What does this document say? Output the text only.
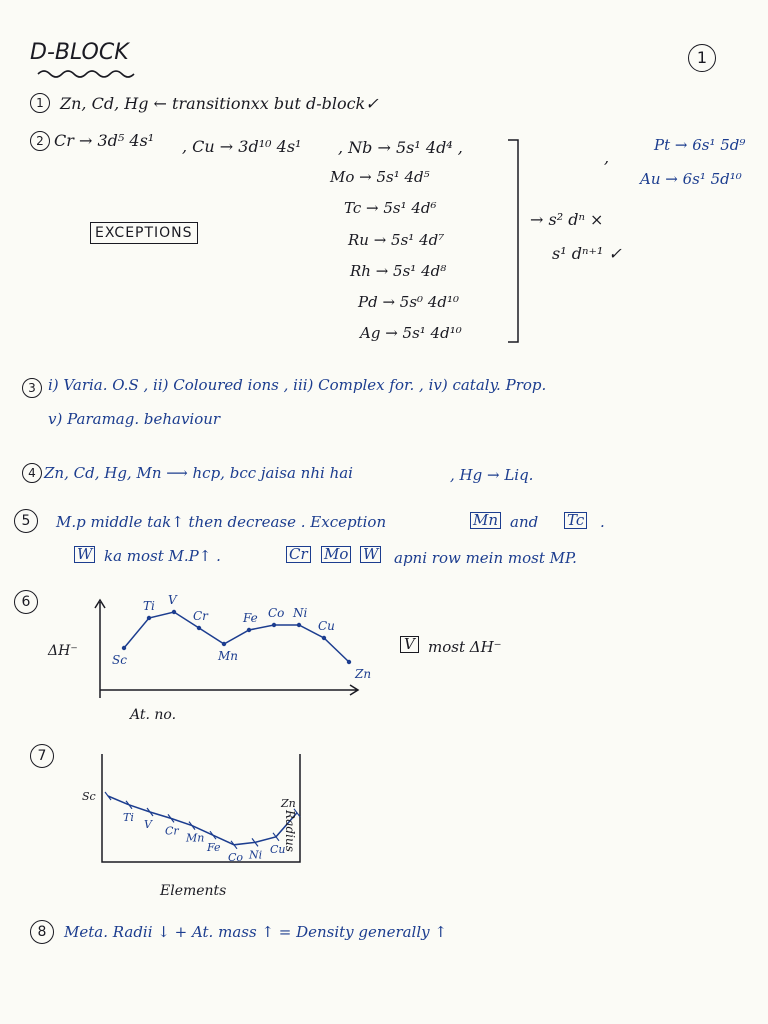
D-BLOCK	1
1	Zn, Cd, Hg ← transitionxx but d-block✓
2 Cr → 3d⁵ 4s¹ , Cu → 3d¹⁰ 4s¹ , Nb → 5s¹ 4d⁴ ,
Mo → 5s¹ 4d⁵
Tc → 5s¹ 4d⁶
Ru → 5s¹ 4d⁷
Rh → 5s¹ 4d⁸
Pd → 5s⁰ 4d¹⁰
Ag → 5s¹ 4d¹⁰
,
Pt → 6s¹ 5d⁹
Au → 6s¹ 5d¹⁰
→ s² dⁿ ×
s¹ dⁿ⁺¹ ✓
EXCEPTIONS
3 i) Varia. O.S , ii) Coloured ions , iii) Complex for. , iv) cataly. Prop.
v) Paramag. behaviour
4 Zn, Cd, Hg, Mn ⟶ hcp, bcc jaisa nhi hai	, Hg → Liq.
5	M.p middle tak↑ then decrease . Exception	Mn and Tc .
W ka most M.P↑ .	Cr Mo W apni row mein most MP.
6
ΔH⁻
At. no.
Sc
Ti V
Cr
Mn
Fe Co Ni
Cu
Zn
V most ΔH⁻
7
Sc
Ti
V Cr
Mn
Fe
Co Ni Cu
Zn
Radius
Elements
8	Meta. Radii ↓ + At. mass ↑ = Density generally ↑
